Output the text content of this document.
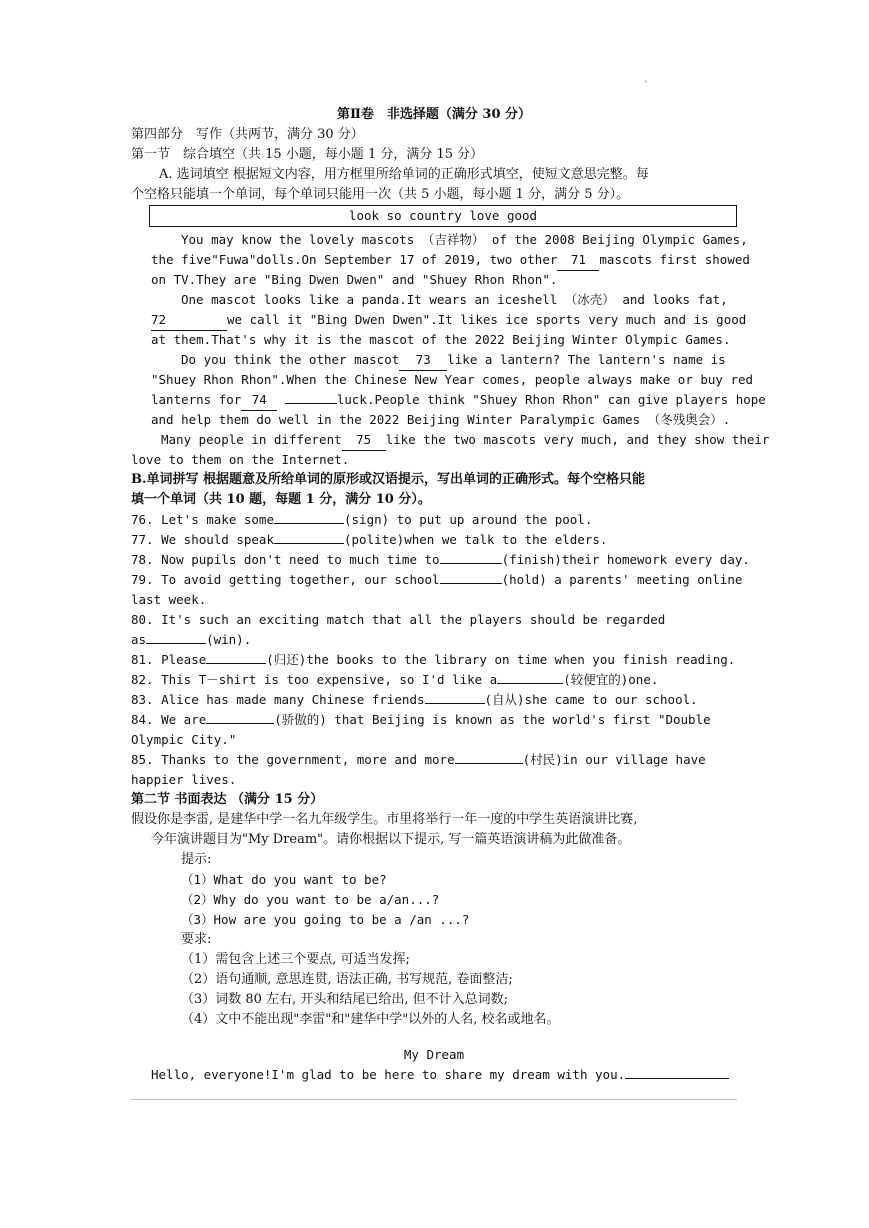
.
第Ⅱ卷　非选择题（满分 30 分）
第四部分　写作（共两节，满分 30 分）
第一节　综合填空（共 15 小题，每小题 1 分，满分 15 分）
A. 选词填空 根据短文内容，用方框里所给单词的正确形式填空，使短文意思完整。每
个空格只能填一个单词，每个单词只能用一次（共 5 小题，每小题 1 分，满分 5 分）。
look so country love good
You may know the lovely mascots （吉祥物） of the 2008 Beijing Olympic Games,
the five"Fuwa"dolls.On September 17 of 2019, two other 71 mascots first showed
on TV.They are "Bing Dwen Dwen" and "Shuey Rhon Rhon".
One mascot looks like a panda.It wears an iceshell （冰壳） and looks fat,
72	we call it "Bing Dwen Dwen".It likes ice sports very much and is good
at them.That's why it is the mascot of the 2022 Beijing Winter Olympic Games.
Do you think the other mascot 73 like a lantern? The lantern's name is
"Shuey Rhon Rhon".When the Chinese New Year comes, people always make or buy red
lanterns for 74	luck.People think "Shuey Rhon Rhon" can give players hope
and help them do well in the 2022 Beijing Winter Paralympic Games （冬残奥会）.
Many people in different 75 like the two mascots very much, and they show their
love to them on the Internet.
B.单词拼写 根据题意及所给单词的原形或汉语提示，写出单词的正确形式。每个空格只能
填一个单词（共 10 题，每题 1 分，满分 10 分）。
76. Let's make some	(sign) to put up around the pool.
77. We should speak	(polite)when we talk to the elders.
78. Now pupils don't need to much time to	(finish)their homework every day.
79. To avoid getting together, our school	(hold) a parents' meeting online
last week.
80. It's such an exciting match that all the players should be regarded
as	(win).
81. Please	(归还)the books to the library on time when you finish reading.
82. This T－shirt is too expensive, so I'd like a	(较便宜的)one.
83. Alice has made many Chinese friends	(自从)she came to our school.
84. We are	(骄傲的) that Beijing is known as the world's first "Double
Olympic City."
85. Thanks to the government, more and more	(村民)in our village have
happier lives.
第二节 书面表达 （满分 15 分）
假设你是李雷, 是建华中学一名九年级学生。市里将举行一年一度的中学生英语演讲比赛,
今年演讲题目为"My Dream"。请你根据以下提示, 写一篇英语演讲稿为此做准备。
提示:
（1）What do you want to be?
（2）Why do you want to be a/an...?
（3）How are you going to be a /an ...?
要求:
（1）需包含上述三个要点, 可适当发挥;
（2）语句通顺, 意思连贯, 语法正确, 书写规范, 卷面整洁;
（3）词数 80 左右, 开头和结尾已给出, 但不计入总词数;
（4）文中不能出现"李雷"和"建华中学"以外的人名, 校名或地名。
My Dream
Hello, everyone!I'm glad to be here to share my dream with you.
